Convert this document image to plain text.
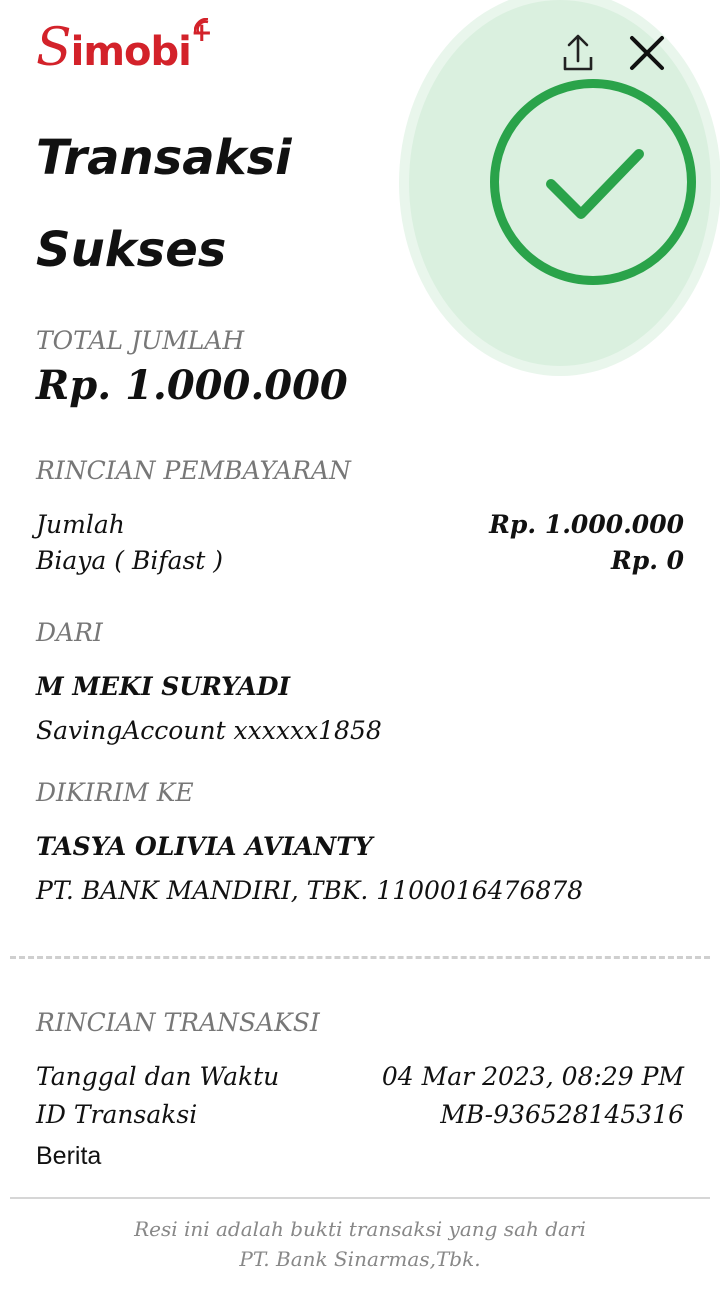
Simobi+
Transaksi
Sukses
TOTAL JUMLAH
Rp. 1.000.000
RINCIAN PEMBAYARAN
Jumlah	Rp. 1.000.000
Biaya ( Bifast )	Rp. 0
DARI
M MEKI SURYADI
SavingAccount xxxxxx1858
DIKIRIM KE
TASYA OLIVIA AVIANTY
PT. BANK MANDIRI, TBK. 1100016476878
RINCIAN TRANSAKSI
Tanggal dan Waktu	04 Mar 2023, 08:29 PM
ID Transaksi	MB-936528145316
Berita
Resi ini adalah bukti transaksi yang sah dari
PT. Bank Sinarmas,Tbk.
